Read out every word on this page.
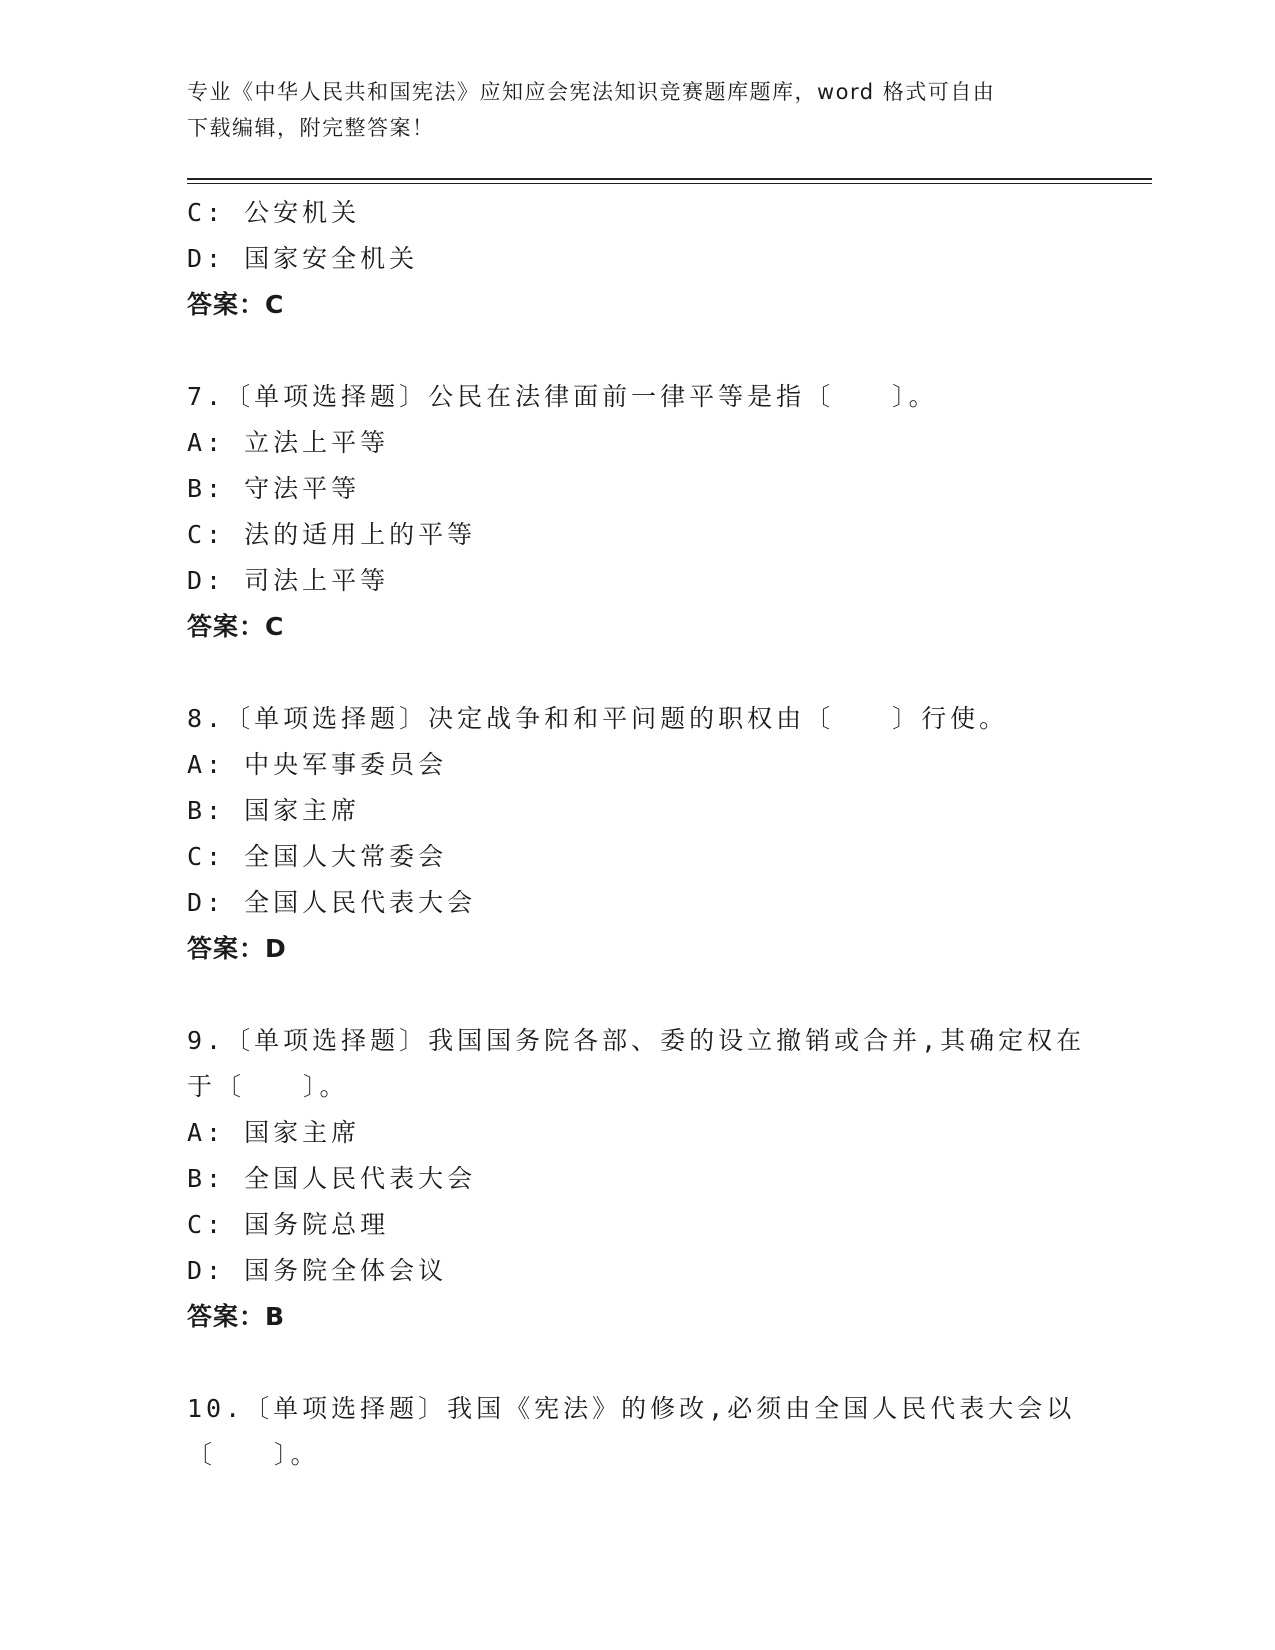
专业《中华人民共和国宪法》应知应会宪法知识竞赛题库题库，word 格式可自由
下载编辑，附完整答案！
C: 公安机关
D: 国家安全机关
答案：C
7.〔单项选择题〕公民在法律面前一律平等是指〔　　〕。
A: 立法上平等
B: 守法平等
C: 法的适用上的平等
D: 司法上平等
答案：C
8.〔单项选择题〕决定战争和和平问题的职权由〔　　〕行使。
A: 中央军事委员会
B: 国家主席
C: 全国人大常委会
D: 全国人民代表大会
答案：D
9.〔单项选择题〕我国国务院各部、委的设立撤销或合并,其确定权在
于〔　　〕。
A: 国家主席
B: 全国人民代表大会
C: 国务院总理
D: 国务院全体会议
答案：B
10.〔单项选择题〕我国《宪法》的修改,必须由全国人民代表大会以
〔　　〕。
